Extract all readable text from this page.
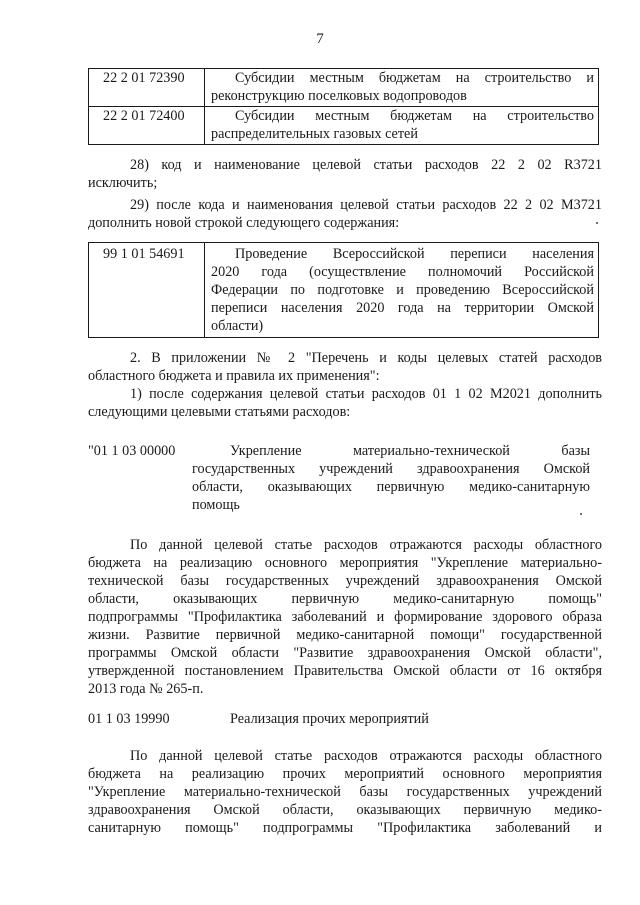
7
22 2 01 72390	Субсидии местным бюджетам на строительство и
реконструкцию поселковых водопроводов

22 2 01 72400	Субсидии местным бюджетам на строительство
распределительных газовых сетей
28) код и наименование целевой статьи расходов 22 2 02 R3721
исключить;
29) после кода и наименования целевой статьи расходов 22 2 02 М3721
дополнить новой строкой следующего содержания:
99 1 01 54691	Проведение Всероссийской переписи населения
2020 года (осуществление полномочий Российской
Федерации по подготовке и проведению Всероссийской
переписи населения 2020 года на территории Омской
области)
2. В приложении № 2 "Перечень и коды целевых статей расходов
областного бюджета и правила их применения":
1) после содержания целевой статьи расходов 01 1 02 М2021 дополнить
следующими целевыми статьями расходов:
"01 1 03 00000	Укрепление материально-технической базы
государственных учреждений здравоохранения Омской
области, оказывающих первичную медико-санитарную
помощь
По данной целевой статье расходов отражаются расходы областного
бюджета на реализацию основного мероприятия "Укрепление материально-
технической базы государственных учреждений здравоохранения Омской
области, оказывающих первичную медико-санитарную помощь"
подпрограммы "Профилактика заболеваний и формирование здорового образа
жизни. Развитие первичной медико-санитарной помощи" государственной
программы Омской области "Развитие здравоохранения Омской области",
утвержденной постановлением Правительства Омской области от 16 октября
2013 года № 265-п.
01 1 03 19990	Реализация прочих мероприятий
По данной целевой статье расходов отражаются расходы областного
бюджета на реализацию прочих мероприятий основного мероприятия
"Укрепление материально-технической базы государственных учреждений
здравоохранения Омской области, оказывающих первичную медико-
санитарную помощь" подпрограммы "Профилактика заболеваний и
